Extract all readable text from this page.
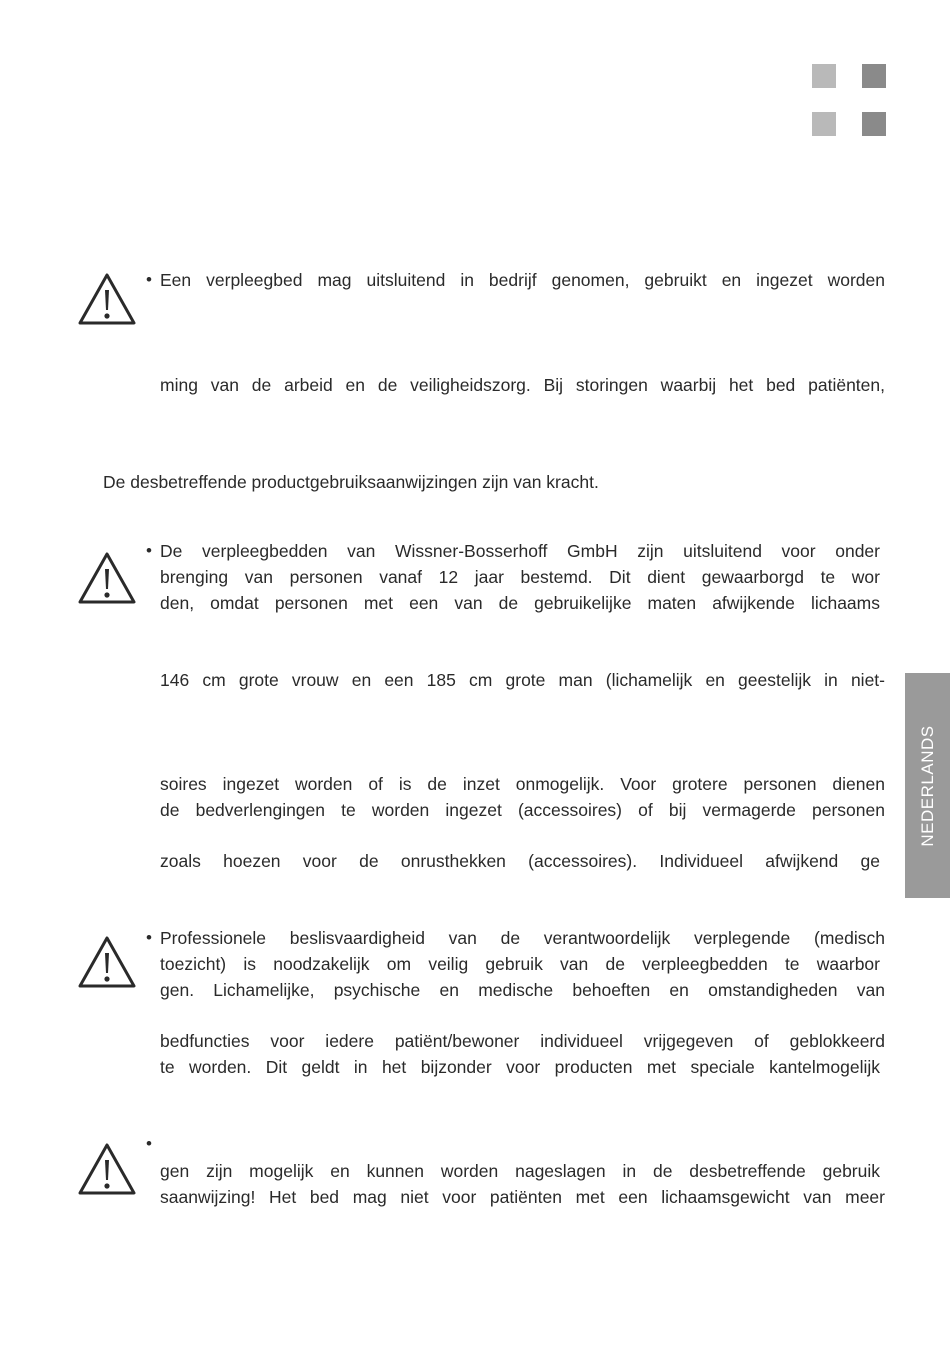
• Een verpleegbed mag uitsluitend in bedrijf genomen, gebruikt en ingezet worden
ming van de arbeid en de veiligheidszorg. Bij storingen waarbij het bed patiënten,
De desbetreffende productgebruiksaanwijzingen zijn van kracht.
• De verpleegbedden van Wissner-Bosserhoff GmbH zijn uitsluitend voor onder
brenging van personen vanaf 12 jaar bestemd. Dit dient gewaarborgd te wor
den, omdat personen met een van de gebruikelijke maten afwijkende lichaams
146 cm grote vrouw en een 185 cm grote man (lichamelijk en geestelijk in niet-
soires ingezet worden of is de inzet onmogelijk. Voor grotere personen dienen
de bedverlengingen te worden ingezet (accessoires) of bij vermagerde personen
zoals hoezen voor de onrusthekken (accessoires). Individueel afwijkend ge
• Professionele beslisvaardigheid van de verantwoordelijk verplegende (medisch
toezicht) is noodzakelijk om veilig gebruik van de verpleegbedden te waarbor
gen. Lichamelijke, psychische en medische behoeften en omstandigheden van
bedfuncties voor iedere patiënt/bewoner individueel vrijgegeven of geblokkeerd
te worden. Dit geldt in het bijzonder voor producten met speciale kantelmogelijk
•
gen zijn mogelijk en kunnen worden nageslagen in de desbetreffende gebruik
saanwijzing! Het bed mag niet voor patiënten met een lichaamsgewicht van meer
NEDERLANDS
